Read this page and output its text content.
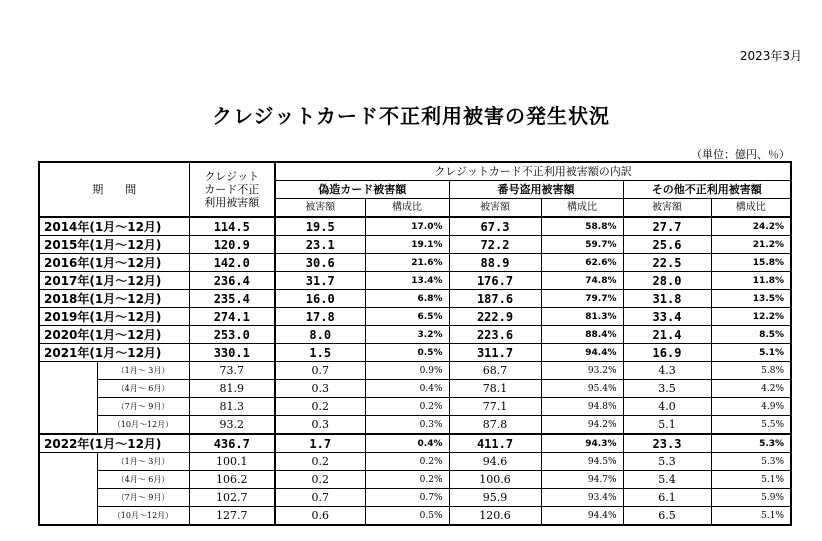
2023年3月
クレジットカード不正利用被害の発生状況
（単位：億円、％）
期　　間		クレジット
カード不正
利用被害額	クレジットカード不正利用被害額の内訳					
			偽造カード被害額		番号盗用被害額		その他不正利用被害額	
			被害額	構成比	被害額	構成比	被害額	構成比
2014年(1月～12月)		114.5	19.5	17.0%	67.3	58.8%	27.7	24.2%
2015年(1月～12月)		120.9	23.1	19.1%	72.2	59.7%	25.6	21.2%
2016年(1月～12月)		142.0	30.6	21.6%	88.9	62.6%	22.5	15.8%
2017年(1月～12月)		236.4	31.7	13.4%	176.7	74.8%	28.0	11.8%
2018年(1月～12月)		235.4	16.0	6.8%	187.6	79.7%	31.8	13.5%
2019年(1月～12月)		274.1	17.8	6.5%	222.9	81.3%	33.4	12.2%
2020年(1月～12月)		253.0	8.0	3.2%	223.6	88.4%	21.4	8.5%
2021年(1月～12月)		330.1	1.5	0.5%	311.7	94.4%	16.9	5.1%
	（1月～ 3月）	73.7	0.7	0.9%	68.7	93.2%	4.3	5.8%
	（4月～ 6月）	81.9	0.3	0.4%	78.1	95.4%	3.5	4.2%
	（7月～ 9月）	81.3	0.2	0.2%	77.1	94.8%	4.0	4.9%
	（10月～12月）	93.2	0.3	0.3%	87.8	94.2%	5.1	5.5%
2022年(1月～12月)		436.7	1.7	0.4%	411.7	94.3%	23.3	5.3%
	（1月～ 3月）	100.1	0.2	0.2%	94.6	94.5%	5.3	5.3%
	（4月～ 6月）	106.2	0.2	0.2%	100.6	94.7%	5.4	5.1%
	（7月～ 9月）	102.7	0.7	0.7%	95.9	93.4%	6.1	5.9%
	（10月～12月）	127.7	0.6	0.5%	120.6	94.4%	6.5	5.1%
